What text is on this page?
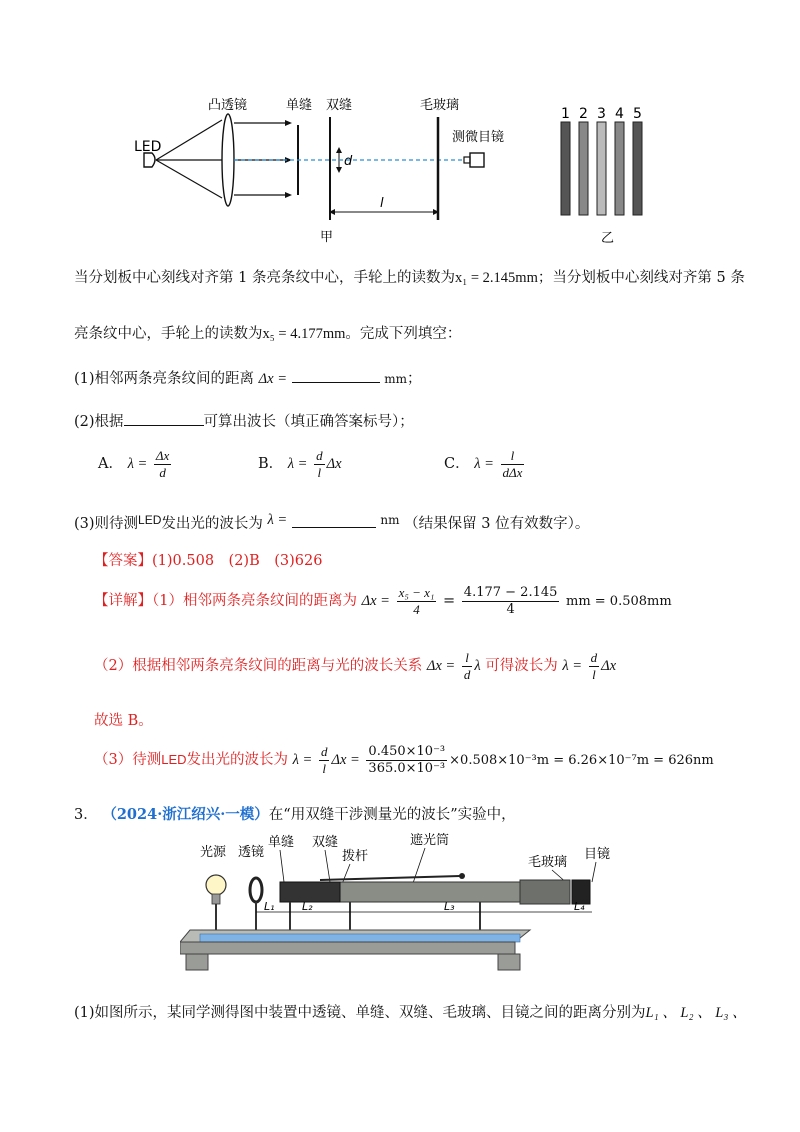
LED
凸透镜	单缝 双缝
d
毛玻璃
测微目镜
l
甲
1 2 3 4 5
乙
当分划板中心刻线对齐第 1 条亮条纹中心，手轮上的读数为x₁ = 2.145mm；当分划板中心刻线对齐第 5 条
亮条纹中心，手轮上的读数为x₅ = 4.177mm。完成下列填空：
(1)相邻两条亮条纹间的距离 Δx =	mm；
(2)根据	可算出波长（填正确答案标号）；
A． $\lambda = \frac{\Delta x}{d}$	B． $\lambda = \frac{d}{l}$ Δx	C． $\lambda = \frac{l}{\text{dΔx}}$
(3)则待测$^{LED}$发出光的波长为 λ =	$^{nm}$ （结果保留 3 位有效数字）。
【答案】(1)0.508　(2)B　(3)626
【详解】（1）相邻两条亮条纹间的距离为 $\Delta x = \frac{\text{x₅ − x₁}}{4} = \frac{4.177 - 2.145}{4}$ mm = 0.508mm
（2）根据相邻两条亮条纹间的距离与光的波长关系 $\Delta x = \frac{l}{d}$ λ 可得波长为 $\lambda = \frac{d}{l}$ Δx
故选 B。
（3）待测LED发出光的波长为 $\lambda = \frac{d}{l}$ $\Delta x = \frac{\text{0.450×10⁻³}}{\text{365.0×10⁻³}} \times 0.508\times 10^{-3}m = 6.26\times 10^{-7}m = 626nm$
3． （2024·浙江绍兴·一模）在“用双缝干涉测量光的波长”实验中，
光源 透镜
单缝 双缝
拨杆
遮光筒
毛玻璃
目镜
L₁ L₂	L₃	L₄
(1)如图所示，某同学测得图中装置中透镜、单缝、双缝、毛玻璃、目镜之间的距离分别为L₁ 、 L₂ 、 L₃ 、
